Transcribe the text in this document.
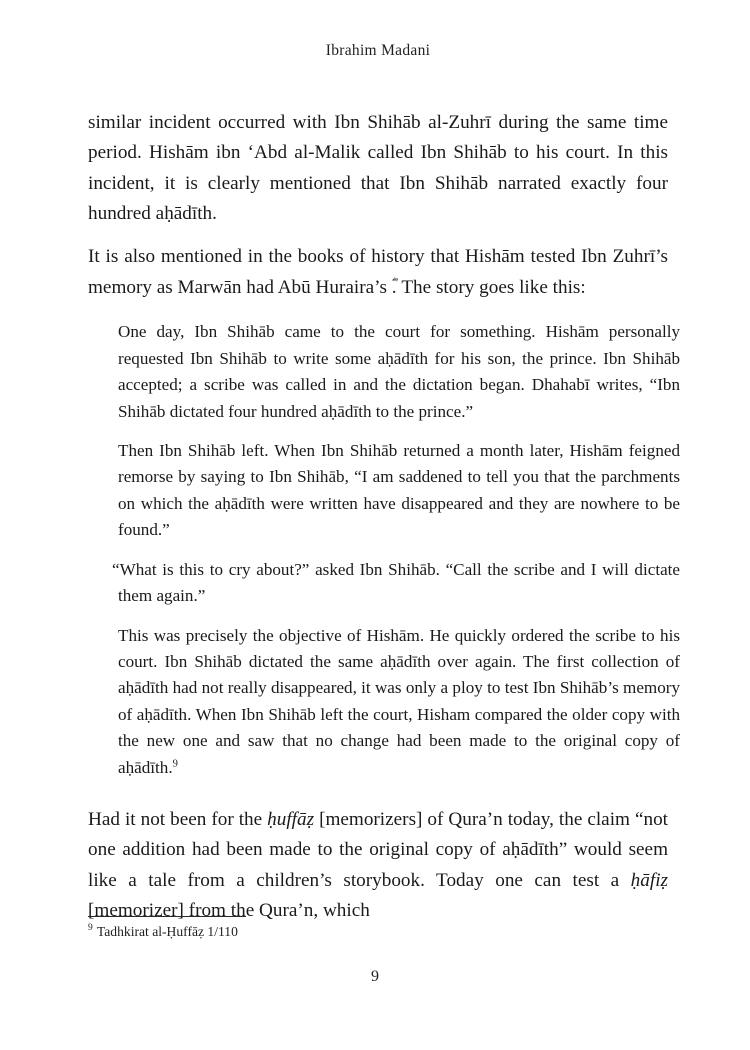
Ibrahim Madani

similar incident occurred with Ibn Shihāb al-Zuhrī during the same time period. Hishām ibn ‘Abd al-Malik called Ibn Shihāb to his court. In this incident, it is clearly mentioned that Ibn Shihāb narrated exactly four hundred aḥādīth.

It is also mentioned in the books of history that Hishām tested Ibn Zuhrī’s memory as Marwān had Abū Huraira’s . The story goes like this:

One day, Ibn Shihāb came to the court for something. Hishām personally requested Ibn Shihāb to write some aḥādīth for his son, the prince. Ibn Shihāb accepted; a scribe was called in and the dictation began. Dhahabī writes, “Ibn Shihāb dictated four hundred aḥādīth to the prince.”

Then Ibn Shihāb left. When Ibn Shihāb returned a month later, Hishām feigned remorse by saying to Ibn Shihāb, “I am saddened to tell you that the parchments on which the aḥādīth were written have disappeared and they are nowhere to be found.”

“What is this to cry about?” asked Ibn Shihāb. “Call the scribe and I will dictate them again.”

This was precisely the objective of Hishām. He quickly ordered the scribe to his court. Ibn Shihāb dictated the same aḥādīth over again. The first collection of aḥādīth had not really disappeared, it was only a ploy to test Ibn Shihāb’s memory of aḥādīth. When Ibn Shihāb left the court, Hisham compared the older copy with the new one and saw that no change had been made to the original copy of aḥādīth.$^9$

Had it not been for the ḥuffāẓ [memorizers] of Qura’n today, the claim “not one addition had been made to the original copy of aḥādīth” would seem like a tale from a children’s storybook. Today one can test a ḥāfiẓ [memorizer] from the Qura’n, which

$^9$ Tadhkirat al-Ḥuffāẓ 1/110

9
